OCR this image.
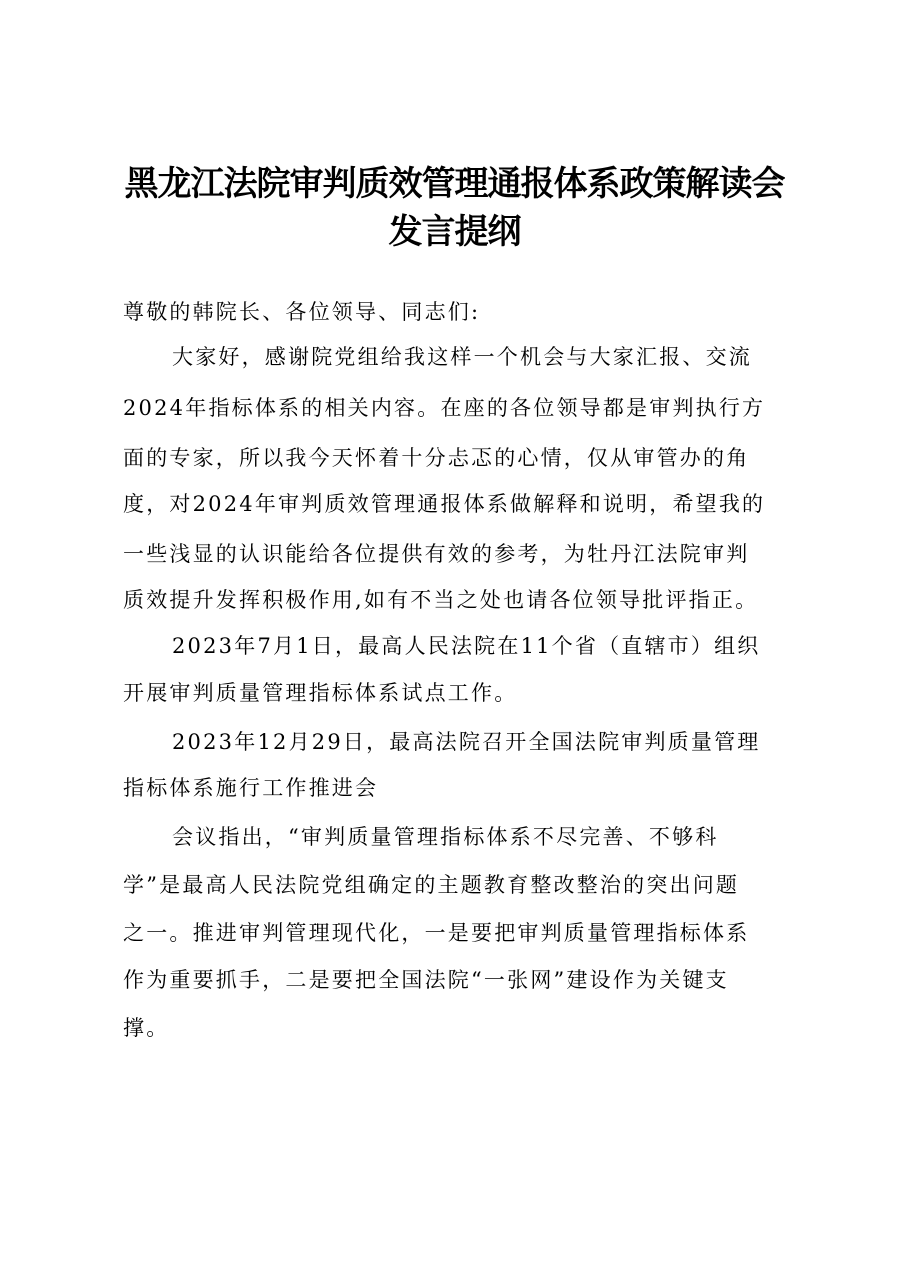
黑龙江法院审判质效管理通报体系政策解读会
发言提纲

尊敬的韩院长、各位领导、同志们:

大家好，感谢院党组给我这样一个机会与大家汇报、交流

2024年指标体系的相关内容。在座的各位领导都是审判执行方

面的专家，所以我今天怀着十分忐忑的心情，仅从审管办的角

度，对2024年审判质效管理通报体系做解释和说明，希望我的

一些浅显的认识能给各位提供有效的参考，为牡丹江法院审判

质效提升发挥积极作用,如有不当之处也请各位领导批评指正。

2023年7月1日，最高人民法院在11个省（直辖市）组织

开展审判质量管理指标体系试点工作。

2023年12月29日，最高法院召开全国法院审判质量管理

指标体系施行工作推进会

会议指出，“审判质量管理指标体系不尽完善、不够科

学”是最高人民法院党组确定的主题教育整改整治的突出问题

之一。推进审判管理现代化，一是要把审判质量管理指标体系

作为重要抓手，二是要把全国法院“一张网”建设作为关键支

撑。
